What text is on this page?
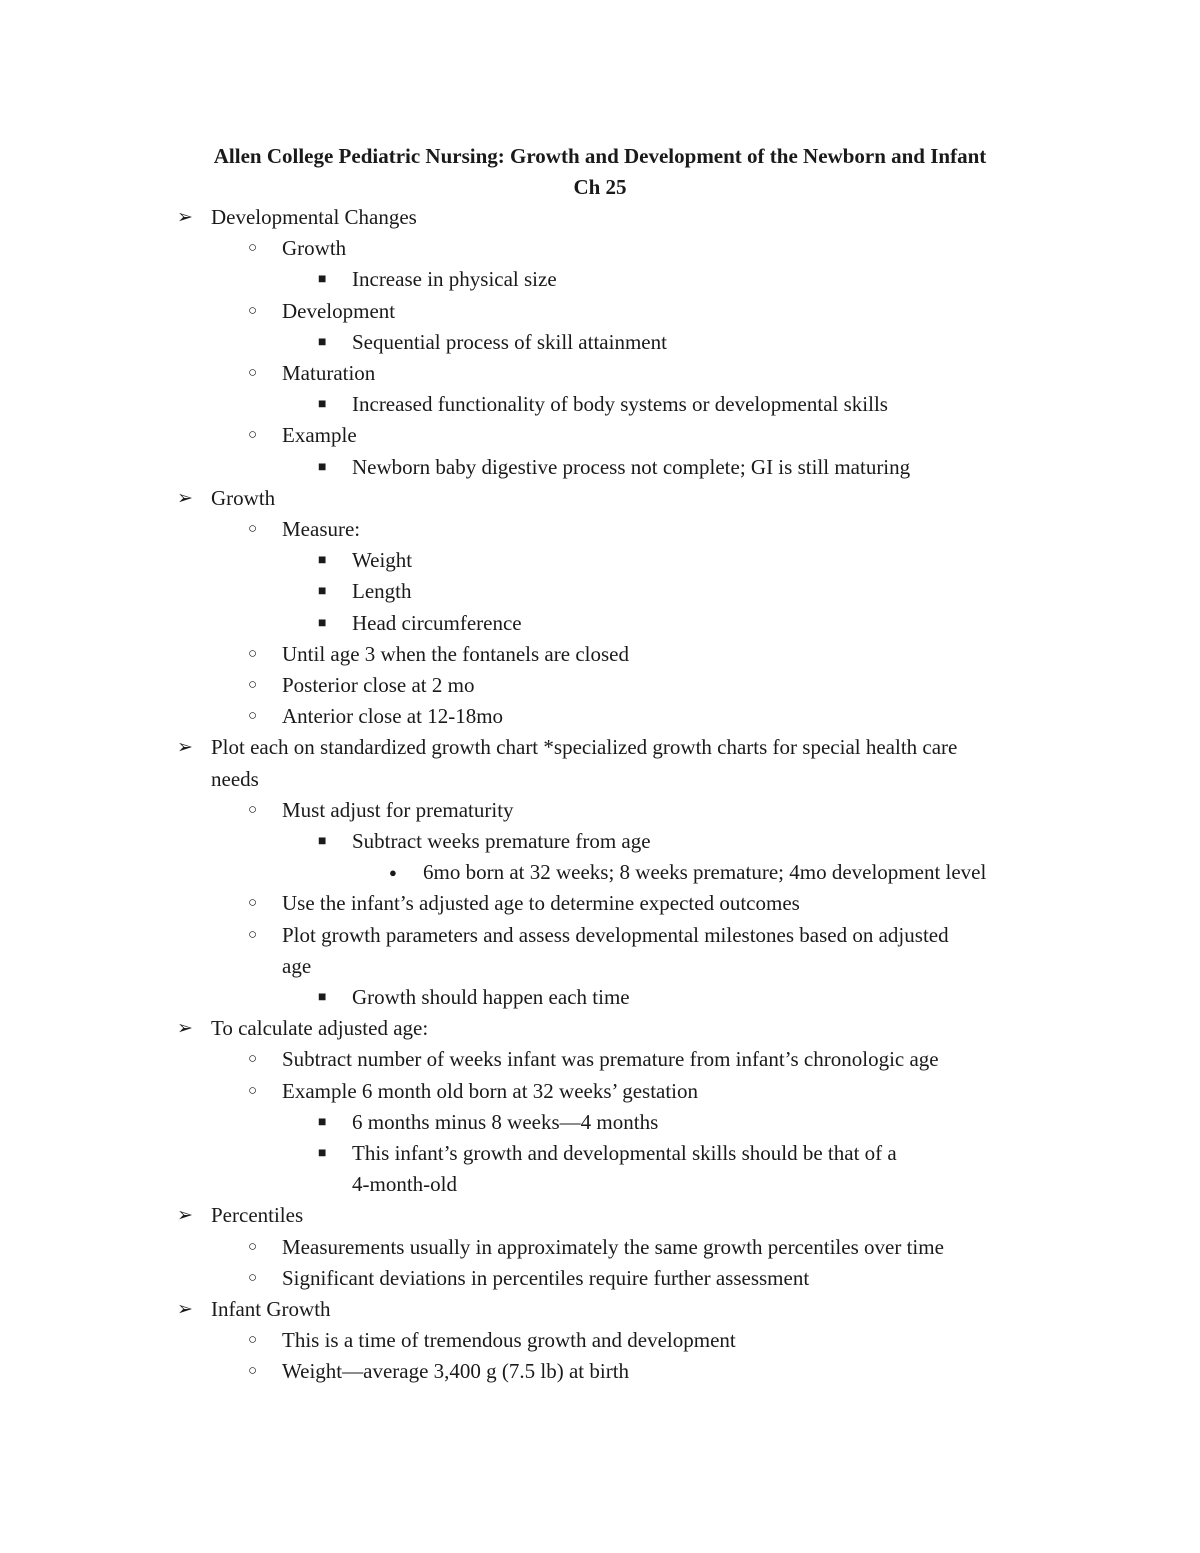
Allen College Pediatric Nursing: Growth and Development of the Newborn and Infant
Ch 25
➢ Developmental Changes
○ Growth
■ Increase in physical size
○ Development
■ Sequential process of skill attainment
○ Maturation
■ Increased functionality of body systems or developmental skills
○ Example
■ Newborn baby digestive process not complete; GI is still maturing
➢ Growth
○ Measure:
■ Weight
■ Length
■ Head circumference
○ Until age 3 when the fontanels are closed
○ Posterior close at 2 mo
○ Anterior close at 12-18mo
➢ Plot each on standardized growth chart *specialized growth charts for special health care
needs
○ Must adjust for prematurity
■ Subtract weeks premature from age
● 6mo born at 32 weeks; 8 weeks premature; 4mo development level
○ Use the infant’s adjusted age to determine expected outcomes
○ Plot growth parameters and assess developmental milestones based on adjusted
age
■ Growth should happen each time
➢ To calculate adjusted age:
○ Subtract number of weeks infant was premature from infant’s chronologic age
○ Example 6 month old born at 32 weeks’ gestation
■ 6 months minus 8 weeks—4 months
■ This infant’s growth and developmental skills should be that of a
4-month-old
➢ Percentiles
○ Measurements usually in approximately the same growth percentiles over time
○ Significant deviations in percentiles require further assessment
➢ Infant Growth
○ This is a time of tremendous growth and development
○ Weight—average 3,400 g (7.5 lb) at birth
